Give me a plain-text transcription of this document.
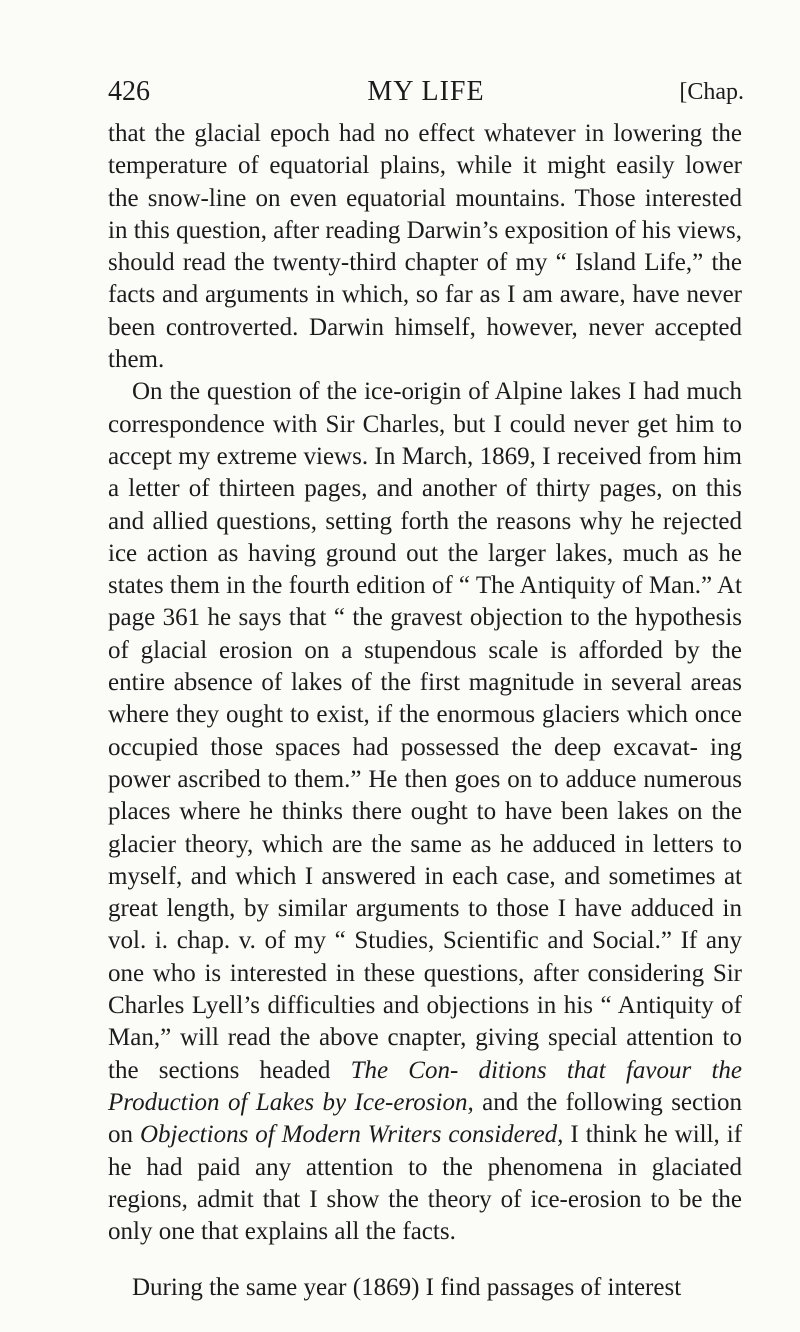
426	MY LIFE	[Chap.

that the glacial epoch had no effect whatever in lowering the temperature of equatorial plains, while it might easily lower the snow-line on even equatorial mountains. Those interested in this question, after reading Darwin’s exposition of his views, should read the twenty-third chapter of my “ Island Life,” the facts and arguments in which, so far as I am aware, have never been controverted. Darwin himself, however, never accepted them.

On the question of the ice-origin of Alpine lakes I had much correspondence with Sir Charles, but I could never get him to accept my extreme views. In March, 1869, I received from him a letter of thirteen pages, and another of thirty pages, on this and allied questions, setting forth the reasons why he rejected ice action as having ground out the larger lakes, much as he states them in the fourth edition of “ The Antiquity of Man.” At page 361 he says that “ the gravest objection to the hypothesis of glacial erosion on a stupendous scale is afforded by the entire absence of lakes of the first magnitude in several areas where they ought to exist, if the enormous glaciers which once occupied those spaces had possessed the deep excavat- ing power ascribed to them.” He then goes on to adduce numerous places where he thinks there ought to have been lakes on the glacier theory, which are the same as he adduced in letters to myself, and which I answered in each case, and sometimes at great length, by similar arguments to those I have adduced in vol. i. chap. v. of my “ Studies, Scientific and Social.” If any one who is interested in these questions, after considering Sir Charles Lyell’s difficulties and objections in his “ Antiquity of Man,” will read the above cnapter, giving special attention to the sections headed The Con- ditions that favour the Production of Lakes by Ice-erosion, and the following section on Objections of Modern Writers considered, I think he will, if he had paid any attention to the phenomena in glaciated regions, admit that I show the theory of ice-erosion to be the only one that explains all the facts.

During the same year (1869) I find passages of interest
